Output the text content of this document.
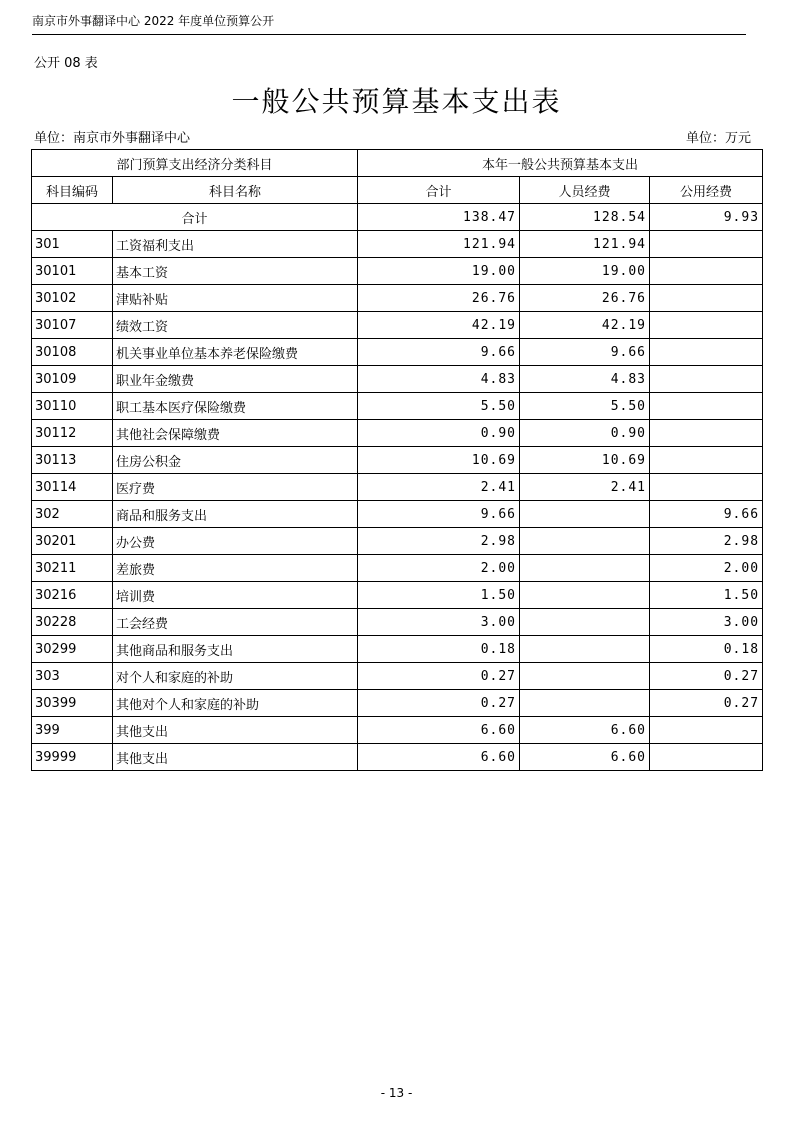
南京市外事翻译中心 2022 年度单位预算公开
公开 08 表
一般公共预算基本支出表
单位：南京市外事翻译中心	单位：万元
部门预算支出经济分类科目		本年一般公共预算基本支出		
科目编码	科目名称	合计	人员经费	公用经费
合计		138.47	128.54	9.93
301	工资福利支出	121.94	121.94	
30101	基本工资	19.00	19.00	
30102	津贴补贴	26.76	26.76	
30107	绩效工资	42.19	42.19	
30108	机关事业单位基本养老保险缴费	9.66	9.66	
30109	职业年金缴费	4.83	4.83	
30110	职工基本医疗保险缴费	5.50	5.50	
30112	其他社会保障缴费	0.90	0.90	
30113	住房公积金	10.69	10.69	
30114	医疗费	2.41	2.41	
302	商品和服务支出	9.66		9.66
30201	办公费	2.98		2.98
30211	差旅费	2.00		2.00
30216	培训费	1.50		1.50
30228	工会经费	3.00		3.00
30299	其他商品和服务支出	0.18		0.18
303	对个人和家庭的补助	0.27		0.27
30399	其他对个人和家庭的补助	0.27		0.27
399	其他支出	6.60	6.60	
39999	其他支出	6.60	6.60	
- 13 -
